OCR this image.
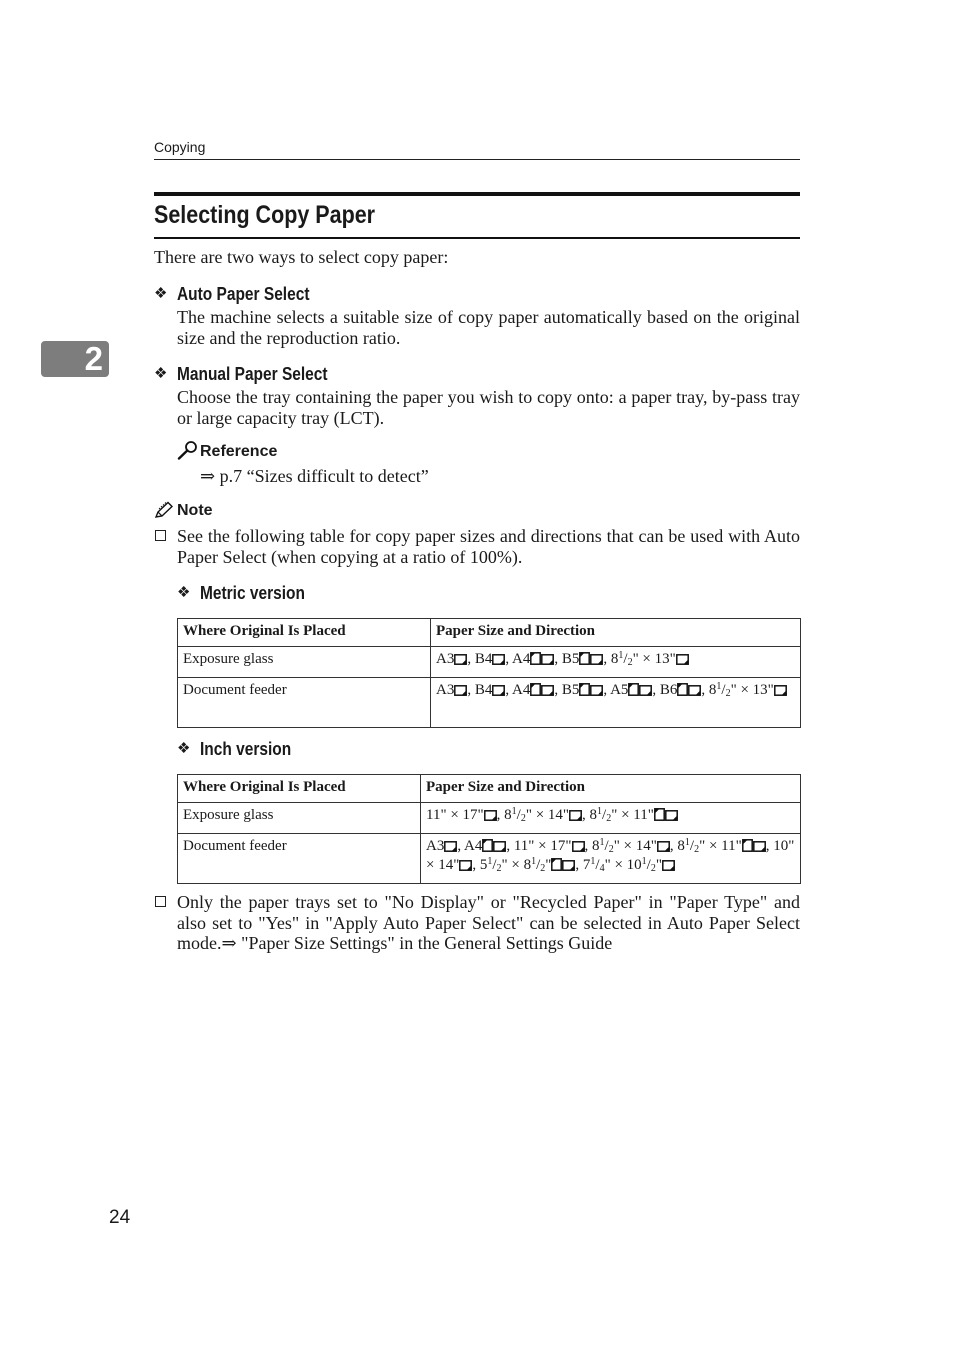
Copying
Selecting Copy Paper
2
There are two ways to select copy paper:
❖ Auto Paper Select
The machine selects a suitable size of copy paper automatically based on the original size and the reproduction ratio.
❖ Manual Paper Select
Choose the tray containing the paper you wish to copy onto: a paper tray, by-pass tray or large capacity tray (LCT).
Reference
⇒ p.7 “Sizes difficult to detect”
Note
See the following table for copy paper sizes and directions that can be used with Auto Paper Select (when copying at a ratio of 100%).
❖ Metric version
Where Original Is Placed	Paper Size and Direction
Exposure glass	A3 , B4 , A4 , B5 , $8^1/_2$" × 13"
Document feeder	A3 , B4 , A4 , B5 , A5 , B6 , $8^1/_2$" × 13"
❖ Inch version
Where Original Is Placed	Paper Size and Direction
Exposure glass	11" × 17" , $8^1/_2$" × 14" , $8^1/_2$" × 11"
Document feeder	A3 , A4 , 11" × 17" , $8^1/_2$" × 14" , $8^1/_2$" × 11" , 10" × 14" , $5^1/_2$" × $8^1/_2$" , $7^1/_4$" × $10^1/_2$"
Only the paper trays set to "No Display" or "Recycled Paper" in "Paper Type" and also set to "Yes" in "Apply Auto Paper Select" can be selected in Auto Paper Select mode.⇒ "Paper Size Settings" in the General Settings Guide
24
